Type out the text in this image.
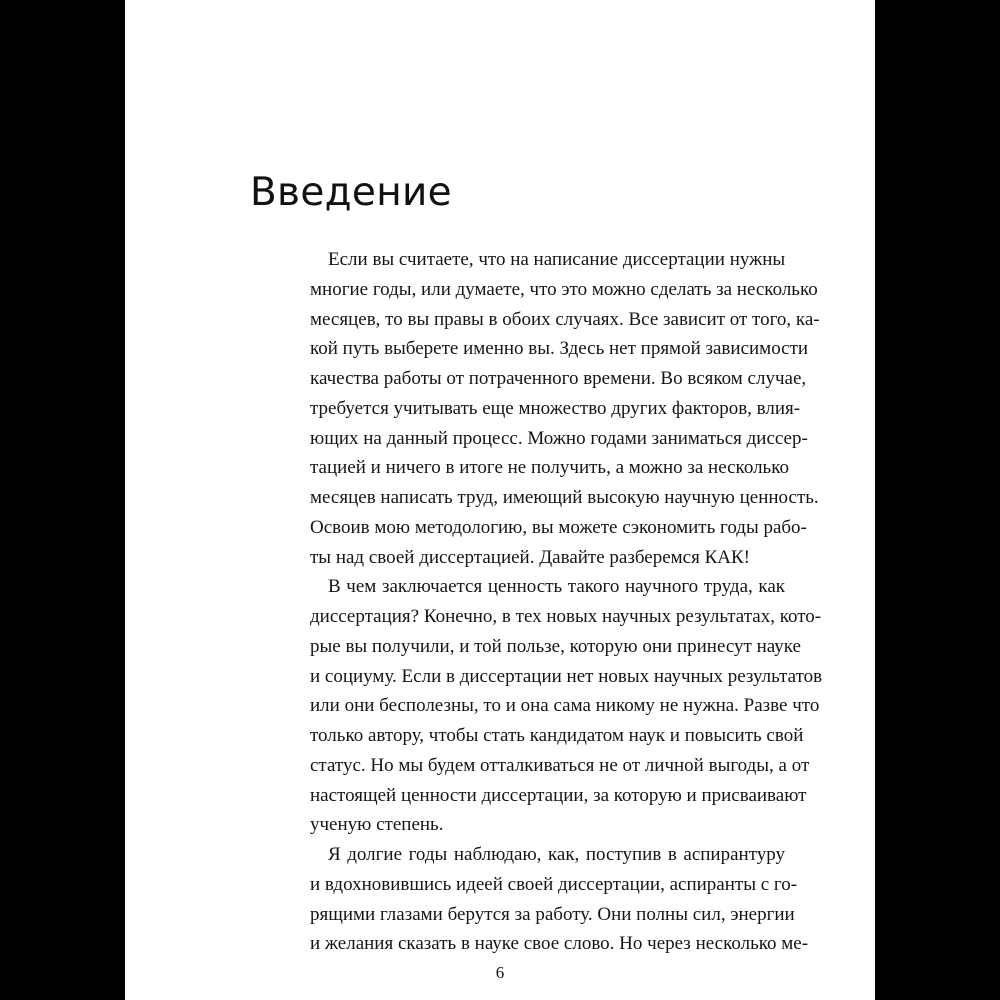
Введение
Если вы считаете, что на написание диссертации нужны
многие годы, или думаете, что это можно сделать за несколько
месяцев, то вы правы в обоих случаях. Все зависит от того, ка-
кой путь выберете именно вы. Здесь нет прямой зависимости
качества работы от потраченного времени. Во всяком случае,
требуется учитывать еще множество других факторов, влия-
ющих на данный процесс. Можно годами заниматься диссер-
тацией и ничего в итоге не получить, а можно за несколько
месяцев написать труд, имеющий высокую научную ценность.
Освоив мою методологию, вы можете сэкономить годы рабо-
ты над своей диссертацией. Давайте разберемся КАК!
В чем заключается ценность такого научного труда, как
диссертация? Конечно, в тех новых научных результатах, кото-
рые вы получили, и той пользе, которую они принесут науке
и социуму. Если в диссертации нет новых научных результатов
или они бесполезны, то и она сама никому не нужна. Разве что
только автору, чтобы стать кандидатом наук и повысить свой
статус. Но мы будем отталкиваться не от личной выгоды, а от
настоящей ценности диссертации, за которую и присваивают
ученую степень.
Я долгие годы наблюдаю, как, поступив в аспирантуру
и вдохновившись идеей своей диссертации, аспиранты с го-
рящими глазами берутся за работу. Они полны сил, энергии
и желания сказать в науке свое слово. Но через несколько ме-
6
